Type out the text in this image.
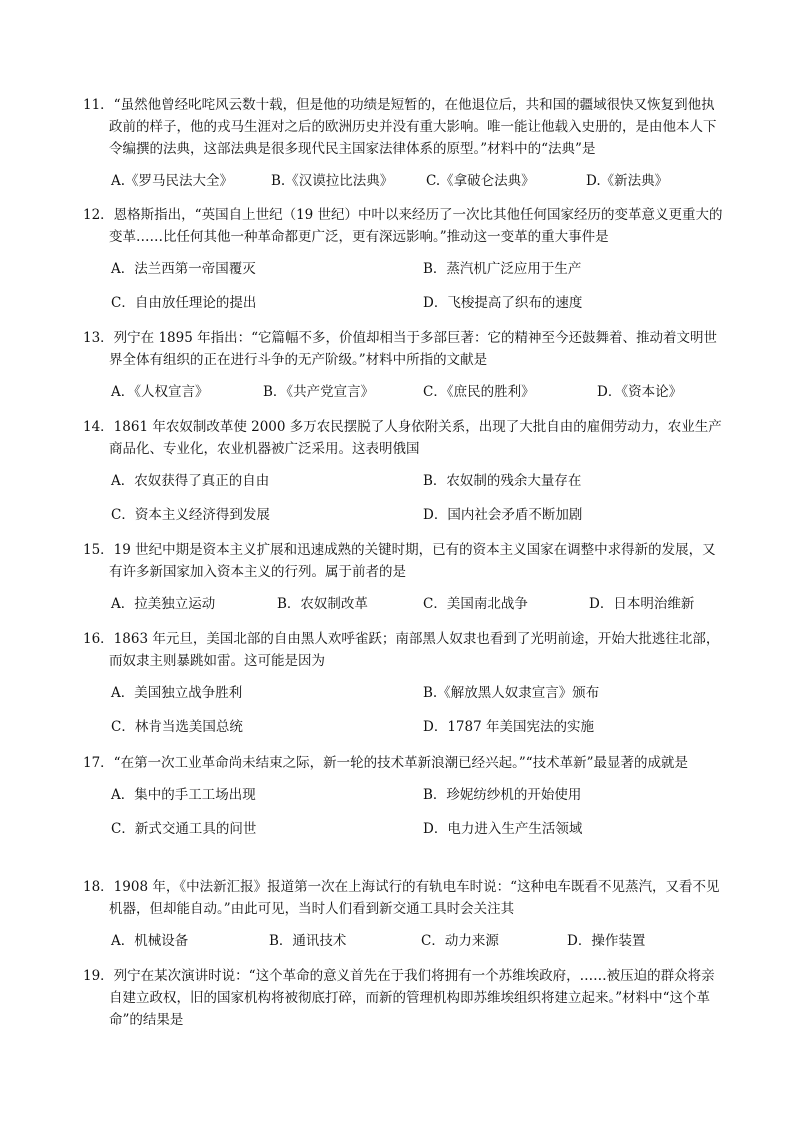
11．“虽然他曾经叱咤风云数十载，但是他的功绩是短暂的，在他退位后，共和国的疆域很快又恢复到他执政前的样子，他的戎马生涯对之后的欧洲历史并没有重大影响。唯一能让他载入史册的，是由他本人下令编撰的法典，这部法典是很多现代民主国家法律体系的原型。”材料中的“法典”是

A.《罗马民法大全》	B.《汉谟拉比法典》	C.《拿破仑法典》	D.《新法典》

12．恩格斯指出，“英国自上世纪（19 世纪）中叶以来经历了一次比其他任何国家经历的变革意义更重大的变革……比任何其他一种革命都更广泛，更有深远影响。”推动这一变革的重大事件是

A．法兰西第一帝国覆灭	B．蒸汽机广泛应用于生产
C．自由放任理论的提出	D．飞梭提高了织布的速度

13．列宁在 1895 年指出：“它篇幅不多，价值却相当于多部巨著：它的精神至今还鼓舞着、推动着文明世界全体有组织的正在进行斗争的无产阶级。”材料中所指的文献是

A．《人权宣言》	B．《共产党宣言》	C．《庶民的胜利》	D．《资本论》

14．1861 年农奴制改革使 2000 多万农民摆脱了人身依附关系，出现了大批自由的雇佣劳动力，农业生产商品化、专业化，农业机器被广泛采用。这表明俄国

A．农奴获得了真正的自由	B．农奴制的残余大量存在
C．资本主义经济得到发展	D．国内社会矛盾不断加剧

15．19 世纪中期是资本主义扩展和迅速成熟的关键时期，已有的资本主义国家在调整中求得新的发展，又有许多新国家加入资本主义的行列。属于前者的是

A．拉美独立运动	B．农奴制改革	C．美国南北战争	D．日本明治维新

16．1863 年元旦，美国北部的自由黑人欢呼雀跃；南部黑人奴隶也看到了光明前途，开始大批逃往北部，而奴隶主则暴跳如雷。这可能是因为

A．美国独立战争胜利	B.《解放黑人奴隶宣言》颁布
C．林肯当选美国总统	D．1787 年美国宪法的实施

17．“在第一次工业革命尚未结束之际，新一轮的技术革新浪潮已经兴起。”“技术革新”最显著的成就是

A．集中的手工工场出现	B．珍妮纺纱机的开始使用
C．新式交通工具的问世	D．电力进入生产生活领域

18．1908 年，《中法新汇报》报道第一次在上海试行的有轨电车时说：“这种电车既看不见蒸汽，又看不见机器，但却能自动。”由此可见，当时人们看到新交通工具时会关注其

A．机械设备	B．通讯技术	C．动力来源	D．操作装置

19．列宁在某次演讲时说：“这个革命的意义首先在于我们将拥有一个苏维埃政府，……被压迫的群众将亲自建立政权，旧的国家机构将被彻底打碎，而新的管理机构即苏维埃组织将建立起来。”材料中“这个革命”的结果是
